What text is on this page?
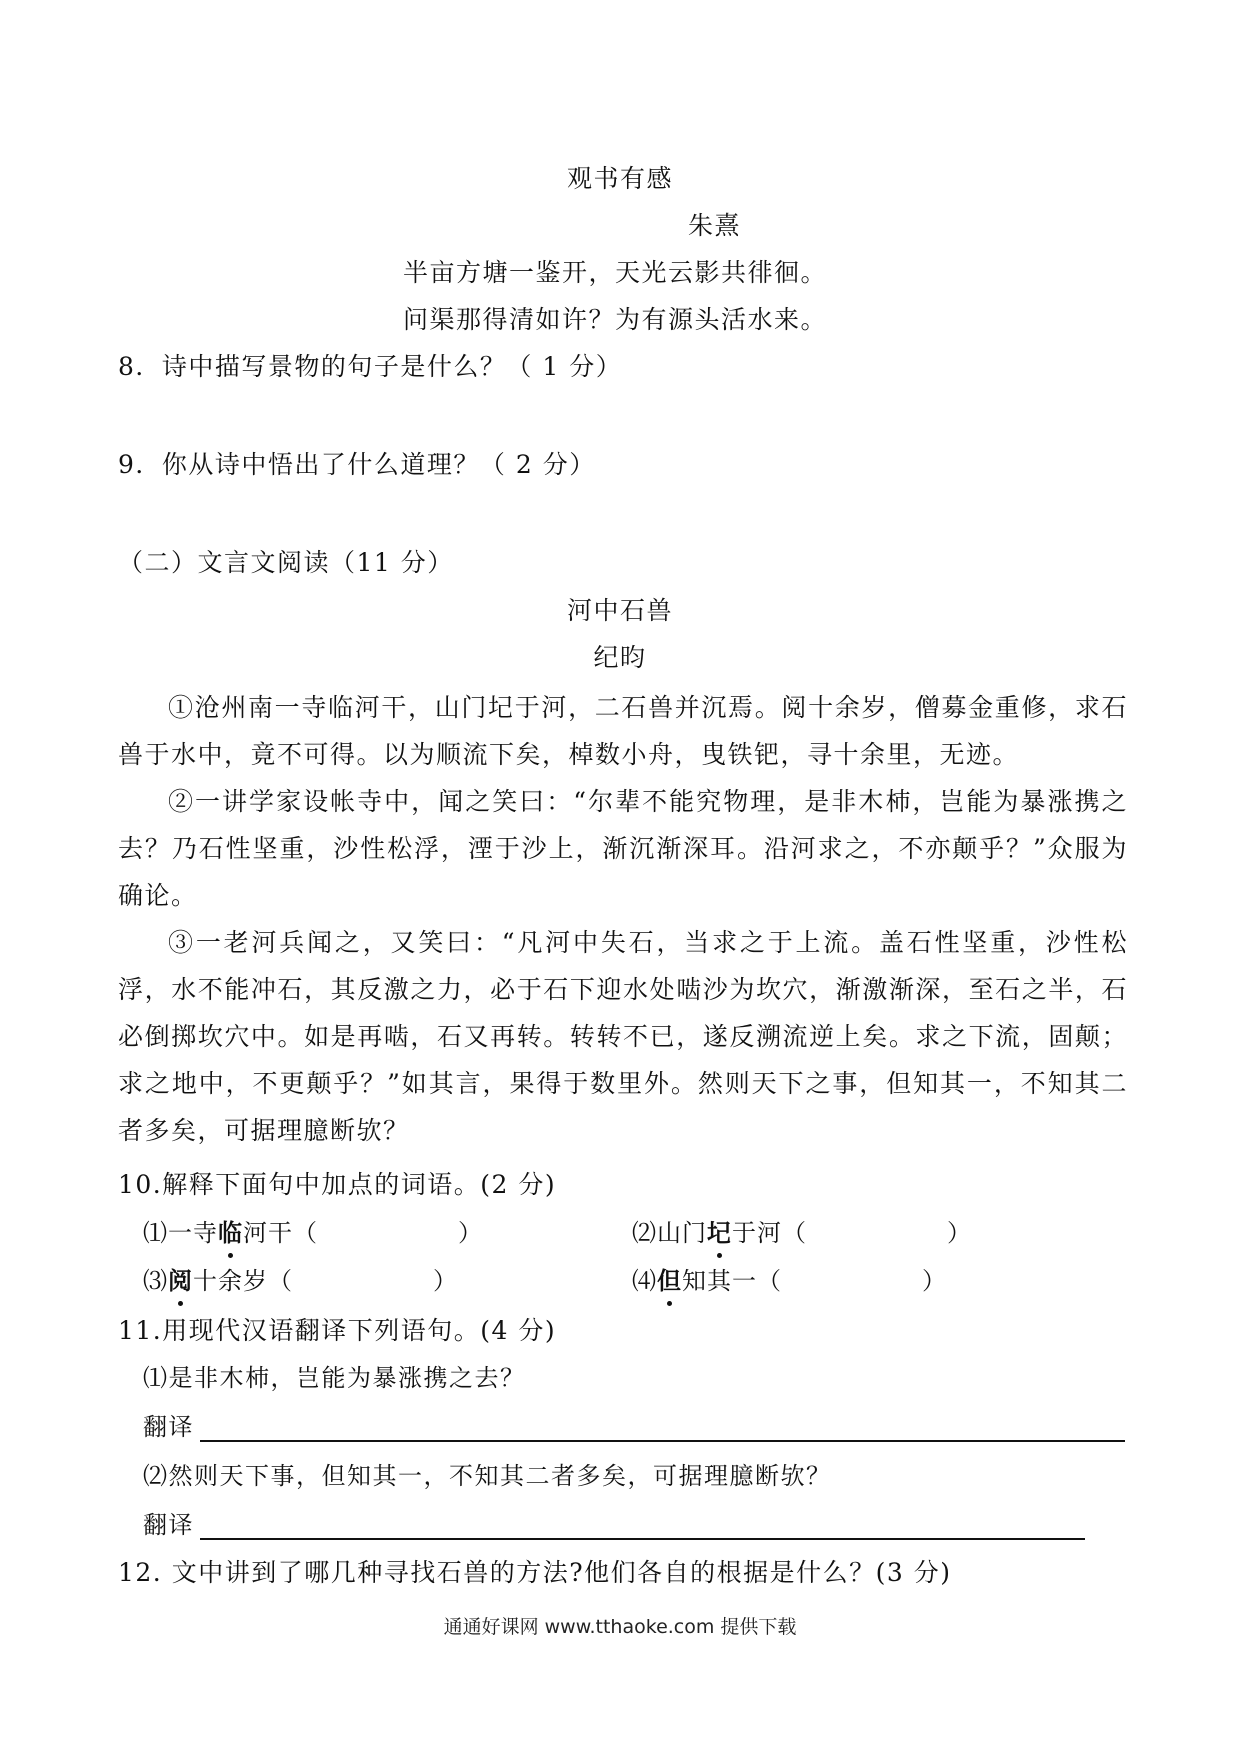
观书有感
朱熹
半亩方塘一鉴开，天光云影共徘徊。
问渠那得清如许？为有源头活水来。
8．诗中描写景物的句子是什么？（ 1 分）
9．你从诗中悟出了什么道理？（ 2 分）
（二）文言文阅读（11 分）
河中石兽
纪昀
①沧州南一寺临河干，山门圮于河，二石兽并沉焉。阅十余岁，僧募金重修，求石兽于水中，竟不可得。以为顺流下矣，棹数小舟，曳铁钯，寻十余里，无迹。
②一讲学家设帐寺中，闻之笑曰：“尔辈不能究物理，是非木杮，岂能为暴涨携之去？乃石性坚重，沙性松浮，湮于沙上，渐沉渐深耳。沿河求之，不亦颠乎？”众服为确论。
③一老河兵闻之，又笑曰：“凡河中失石，当求之于上流。盖石性坚重，沙性松浮，水不能冲石，其反激之力，必于石下迎水处啮沙为坎穴，渐激渐深，至石之半，石必倒掷坎穴中。如是再啮，石又再转。转转不已，遂反溯流逆上矣。求之下流，固颠；求之地中，不更颠乎？”如其言，果得于数里外。然则天下之事，但知其一，不知其二者多矣，可据理臆断欤？
10.解释下面句中加点的词语。(2 分)
⑴一寺临河干（	）	⑵山门圮于河（	）
⑶阅十余岁（	）	⑷但知其一（	）
11.用现代汉语翻译下列语句。(4 分)
⑴是非木杮，岂能为暴涨携之去？
翻译
⑵然则天下事，但知其一，不知其二者多矣，可据理臆断欤？
翻译
12. 文中讲到了哪几种寻找石兽的方法?他们各自的根据是什么？(3 分)
通通好课网 www.tthaoke.com 提供下载
